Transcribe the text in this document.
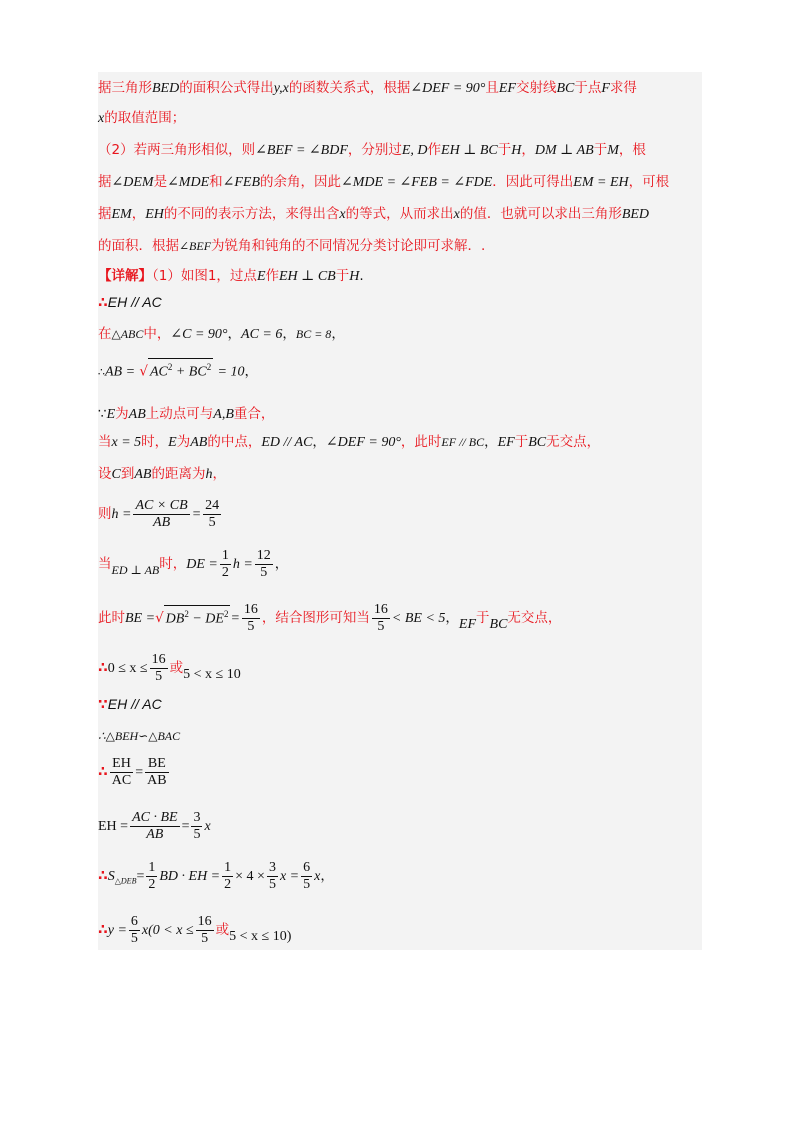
据三角形BED的面积公式得出y,x的函数关系式，根据∠DEF = 90°且EF交射线BC于点F求得
x的取值范围；
（2）若两三角形相似，则∠BEF = ∠BDF，分别过E, D作EH ⊥ BC于H，DM ⊥ AB于M，根
据∠DEM是∠MDE和∠FEB的余角，因此∠MDE = ∠FEB = ∠FDE．因此可得出EM = EH，可根
据EM，EH的不同的表示方法，来得出含x的等式，从而求出x的值．也就可以求出三角形BED
的面积．根据∠BEF为锐角和钝角的不同情况分类讨论即可求解．.
【详解】（1）如图1，过点E作EH ⊥ CB于H.
∴EH // AC
在△ABC中，∠C = 90°，AC = 6，BC = 8，
∴AB = √ $AC^2 + BC^2 = 10$，
∵E为AB上动点可与A,B重合，
当x = 5时，E为AB的中点，ED // AC，∠DEF = 90°，此时EF // BC，EF于BC无交点，
设C到AB的距离为h，
则$h = \frac{AC \times CB}{AB} = \frac{24}{5}$
当ED ⊥ AB时，DE = $\frac{1}{2}$ $h = \frac{12}{5}$ ，
此时BE =√ $DB^2 - DE^2 = \frac{16}{5}$ ，结合图形可知当 $\frac{16}{5}$ < BE < 5，EF于BC无交点，
∴0 ≤ $x \le \frac{16}{5}$ 或5 < x ≤ 10
∵EH // AC
∴△BEH∽△BAC
∴ $\frac{EH}{AC} = \frac{BE}{AB}$
EH = $\frac{AC \cdot BE}{AB} = \frac{3}{5}$ x
$\therefore S_{\triangle DEB}= \frac{1}{2}$ BD · EH = $\frac{1}{2} \times 4 \times \frac{3}{5}$ $x = \frac{6}{5}$ x，
∴y = $\frac{6}{5} x(0 < x \le \frac{16}{5}$ 或5 < x ≤ 10)
